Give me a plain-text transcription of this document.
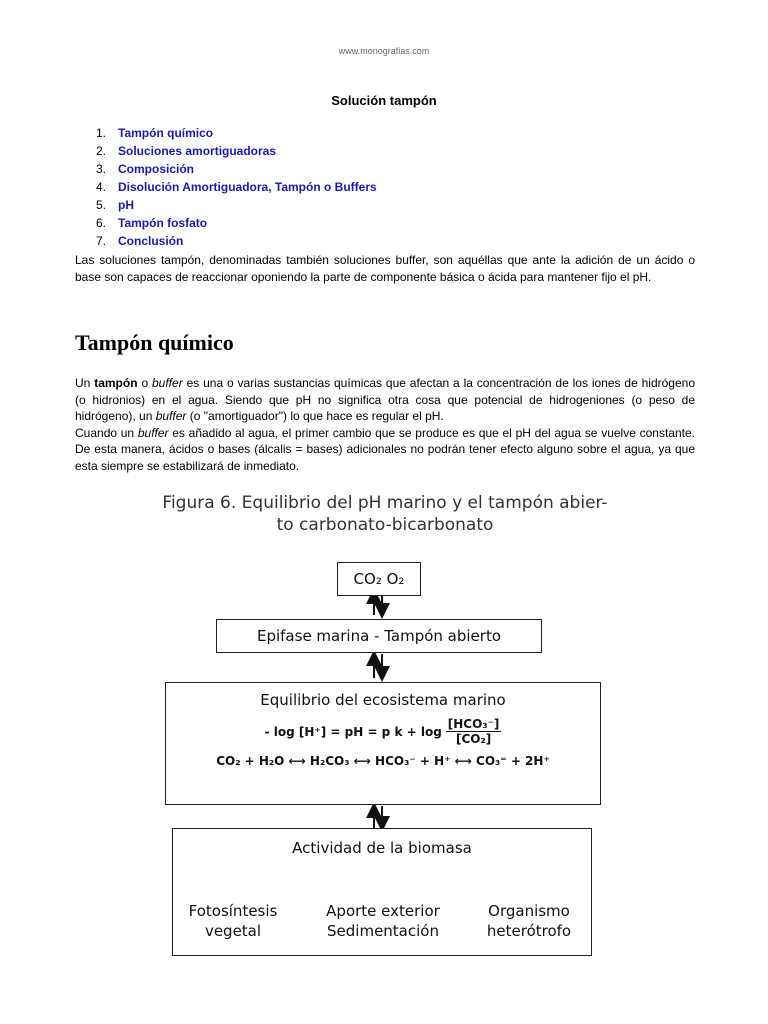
www.monografias.com
Solución tampón
1. Tampón químico
2. Soluciones amortiguadoras
3. Composición
4. Disolución Amortiguadora, Tampón o Buffers
5. pH
6. Tampón fosfato
7. Conclusión

Las soluciones tampón, denominadas también soluciones buffer, son aquéllas que ante la adición de un ácido o base son capaces de reaccionar oponiendo la parte de componente básica o ácida para mantener fijo el pH.

Tampón químico

Un tampón o buffer es una o varias sustancias químicas que afectan a la concentración de los iones de hidrógeno (o hidronios) en el agua. Siendo que pH no significa otra cosa que potencial de hidrogeniones (o peso de hidrógeno), un buffer (o "amortiguador") lo que hace es regular el pH.
Cuando un buffer es añadido al agua, el primer cambio que se produce es que el pH del agua se vuelve constante. De esta manera, ácidos o bases (álcalis = bases) adicionales no podrán tener efecto alguno sobre el agua, ya que esta siempre se estabilizará de inmediato.

Figura 6. Equilibrio del pH marino y el tampón abier-
to carbonato-bicarbonato
CO₂ O₂
Epifase marina - Tampón abierto
Equilibrio del ecosistema marino
- log [H⁺] = pH = p k + log
[HCO₃⁻]
[CO₂]
CO₂ + H₂O ⟷ H₂CO₃ ⟷ HCO₃⁻ + H⁺ ⟷ CO₃⁼ + 2H⁺
Actividad de la biomasa
Fotosíntesis
vegetal
Aporte exterior
Sedimentación
Organismo
heterótrofo
